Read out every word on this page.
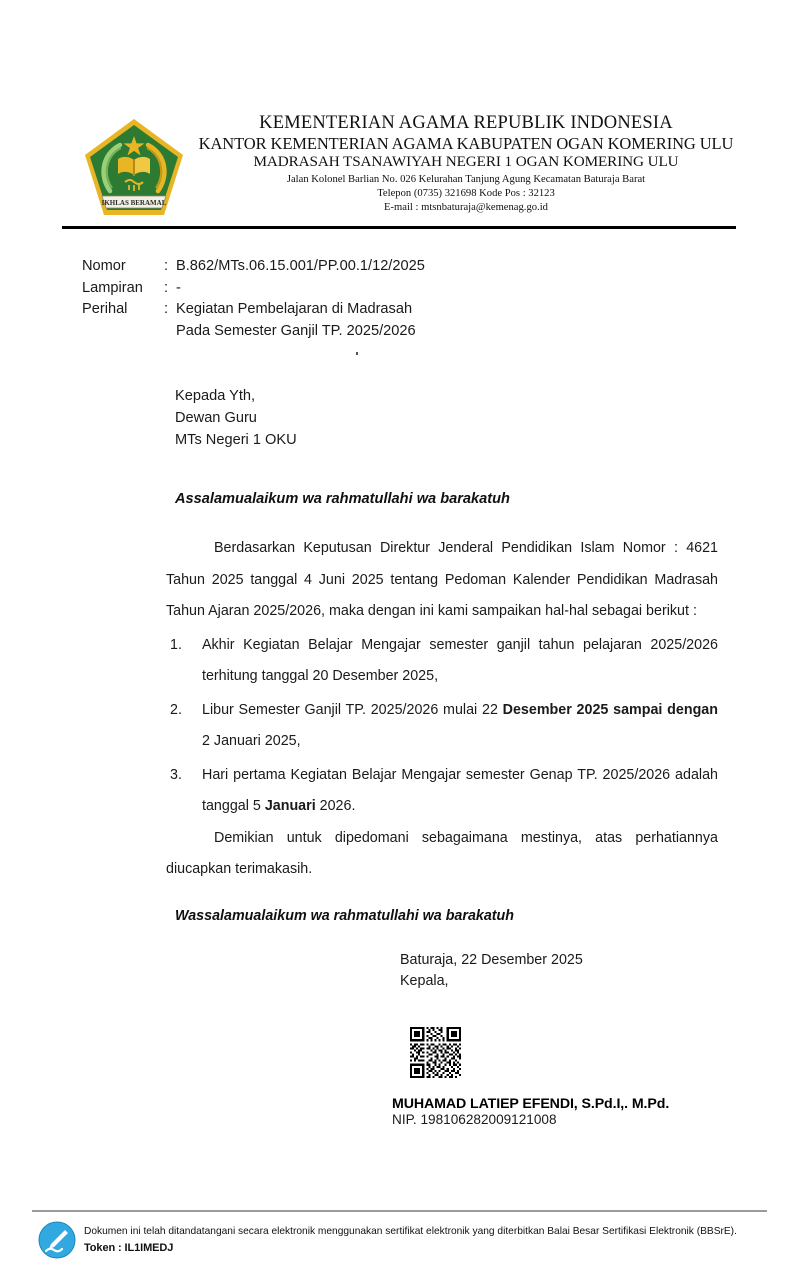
IKHLAS BERAMAL
KEMENTERIAN AGAMA REPUBLIK INDONESIA
KANTOR KEMENTERIAN AGAMA KABUPATEN OGAN KOMERING ULU
MADRASAH TSANAWIYAH NEGERI 1 OGAN KOMERING ULU
Jalan Kolonel Barlian No. 026 Kelurahan Tanjung Agung Kecamatan Baturaja Barat
Telepon (0735) 321698 Kode Pos : 32123
E-mail : mtsnbaturaja@kemenag.go.id
Nomor	: B.862/MTs.06.15.001/PP.00.1/12/2025
Lampiran	: -
Perihal	: Kegiatan Pembelajaran di Madrasah
Pada Semester Ganjil TP. 2025/2026
Kepada Yth,
Dewan Guru
MTs Negeri 1 OKU
Assalamualaikum wa rahmatullahi wa barakatuh
Berdasarkan Keputusan Direktur Jenderal Pendidikan Islam Nomor : 4621 Tahun 2025 tanggal 4 Juni 2025 tentang Pedoman Kalender Pendidikan Madrasah Tahun Ajaran 2025/2026, maka dengan ini kami sampaikan hal-hal sebagai berikut :
1.	Akhir Kegiatan Belajar Mengajar semester ganjil tahun pelajaran 2025/2026 terhitung tanggal 20 Desember 2025,
2.	Libur Semester Ganjil TP. 2025/2026 mulai 22 Desember 2025 sampai dengan 2 Januari 2025,
3.	Hari pertama Kegiatan Belajar Mengajar semester Genap TP. 2025/2026 adalah tanggal 5 Januari 2026.
Demikian untuk dipedomani sebagaimana mestinya, atas perhatiannya diucapkan terimakasih.
Wassalamualaikum wa rahmatullahi wa barakatuh
Baturaja, 22 Desember 2025
Kepala,
MUHAMAD LATIEP EFENDI, S.Pd.I,. M.Pd.
NIP. 198106282009121008
Dokumen ini telah ditandatangani secara elektronik menggunakan sertifikat elektronik yang diterbitkan Balai Besar Sertifikasi Elektronik (BBSrE).
Token : IL1IMEDJ
